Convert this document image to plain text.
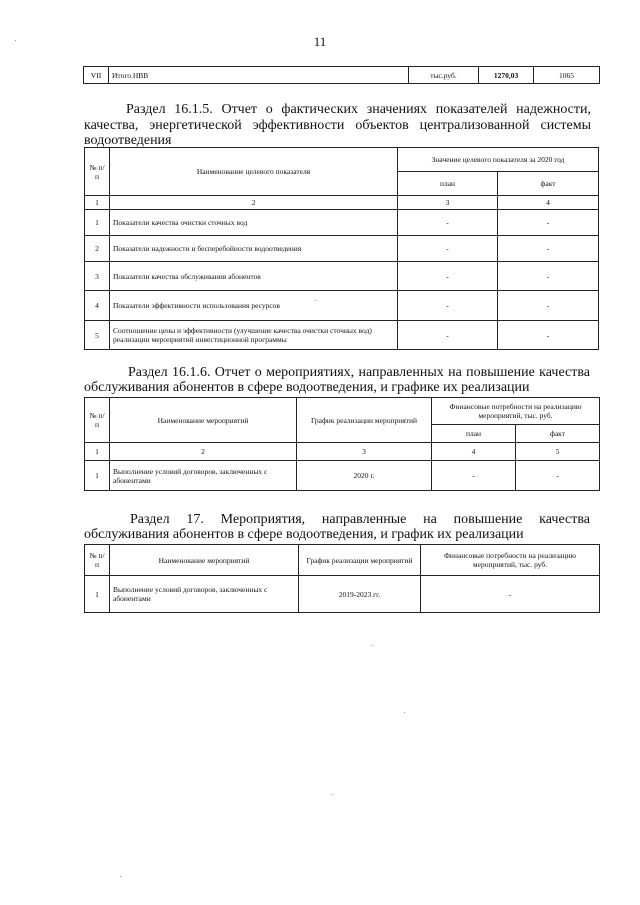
11
VII	Итого НВВ	тыс.руб.	1270,03	1065
Раздел 16.1.5. Отчет о фактических значениях показателей надежности,
качества, энергетической эффективности объектов централизованной системы
водоотведения
№ п/п	Наименование целевого показателя	Значение целевого показателя за 2020 год	
		план	факт
1	2	3	4
1	Показатели качества очистки сточных вод	-	-
2	Показатели надежности и бесперебойности водоотведения	-	-
3	Показатели качества обслуживания абонентов	-	-
4	Показатели эффективности использования ресурсов	-	-
5	Соотношение цены и эффективности (улучшение качества очистки сточных вод) реализации мероприятий инвестиционной программы	-	-
Раздел 16.1.6. Отчет о мероприятиях, направленных на повышение качества
обслуживания абонентов в сфере водоотведения, и графике их реализации
№ п/п	Наименование мероприятий	График реализации мероприятий	Финансовые потребности на реализацию мероприятий, тыс. руб.	
			план	факт
1	2	3	4	5
1	Выполнение условий договоров, заключенных с абонентами	2020 г.	-	-
Раздел 17. Мероприятия, направленные на повышение качества
обслуживания абонентов в сфере водоотведения, и график их реализации
№ п/п	Наименование мероприятий	График реализации мероприятий	Финансовые потребности на реализацию мероприятий, тыс. руб.
1	Выполнение условий договоров, заключенных с абонентами	2019-2023 гг.	-
